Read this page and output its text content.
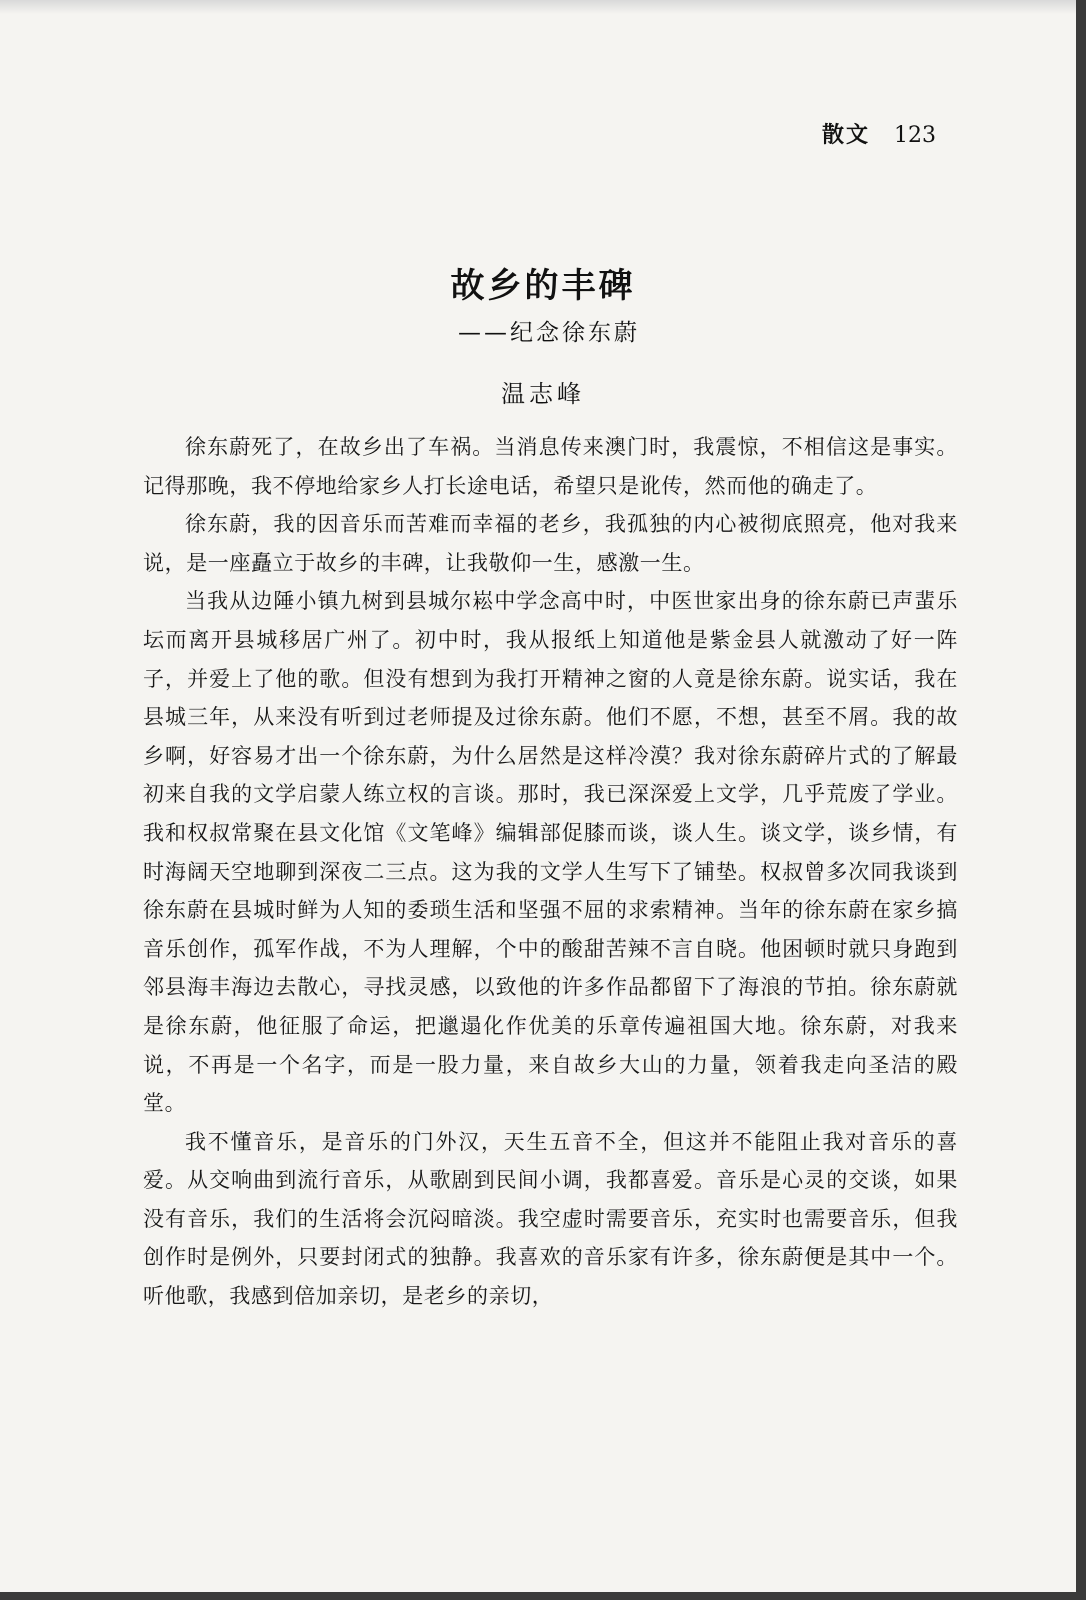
散文 123
故乡的丰碑
——纪念徐东蔚
温志峰

徐东蔚死了，在故乡出了车祸。当消息传来澳门时，我震惊，不相信这是事实。记得那晚，我不停地给家乡人打长途电话，希望只是讹传，然而他的确走了。

徐东蔚，我的因音乐而苦难而幸福的老乡，我孤独的内心被彻底照亮，他对我来说，是一座矗立于故乡的丰碑，让我敬仰一生，感激一生。

当我从边陲小镇九树到县城尔崧中学念高中时，中医世家出身的徐东蔚已声蜚乐坛而离开县城移居广州了。初中时，我从报纸上知道他是紫金县人就激动了好一阵子，并爱上了他的歌。但没有想到为我打开精神之窗的人竟是徐东蔚。说实话，我在县城三年，从来没有听到过老师提及过徐东蔚。他们不愿，不想，甚至不屑。我的故乡啊，好容易才出一个徐东蔚，为什么居然是这样冷漠？我对徐东蔚碎片式的了解最初来自我的文学启蒙人练立权的言谈。那时，我已深深爱上文学，几乎荒废了学业。我和权叔常聚在县文化馆《文笔峰》编辑部促膝而谈，谈人生。谈文学，谈乡情，有时海阔天空地聊到深夜二三点。这为我的文学人生写下了铺垫。权叔曾多次同我谈到徐东蔚在县城时鲜为人知的委琐生活和坚强不屈的求索精神。当年的徐东蔚在家乡搞音乐创作，孤军作战，不为人理解，个中的酸甜苦辣不言自晓。他困顿时就只身跑到邻县海丰海边去散心，寻找灵感，以致他的许多作品都留下了海浪的节拍。徐东蔚就是徐东蔚，他征服了命运，把邋遢化作优美的乐章传遍祖国大地。徐东蔚，对我来说，不再是一个名字，而是一股力量，来自故乡大山的力量，领着我走向圣洁的殿堂。

我不懂音乐，是音乐的门外汉，天生五音不全，但这并不能阻止我对音乐的喜爱。从交响曲到流行音乐，从歌剧到民间小调，我都喜爱。音乐是心灵的交谈，如果没有音乐，我们的生活将会沉闷暗淡。我空虚时需要音乐，充实时也需要音乐，但我创作时是例外，只要封闭式的独静。我喜欢的音乐家有许多，徐东蔚便是其中一个。听他歌，我感到倍加亲切，是老乡的亲切，
